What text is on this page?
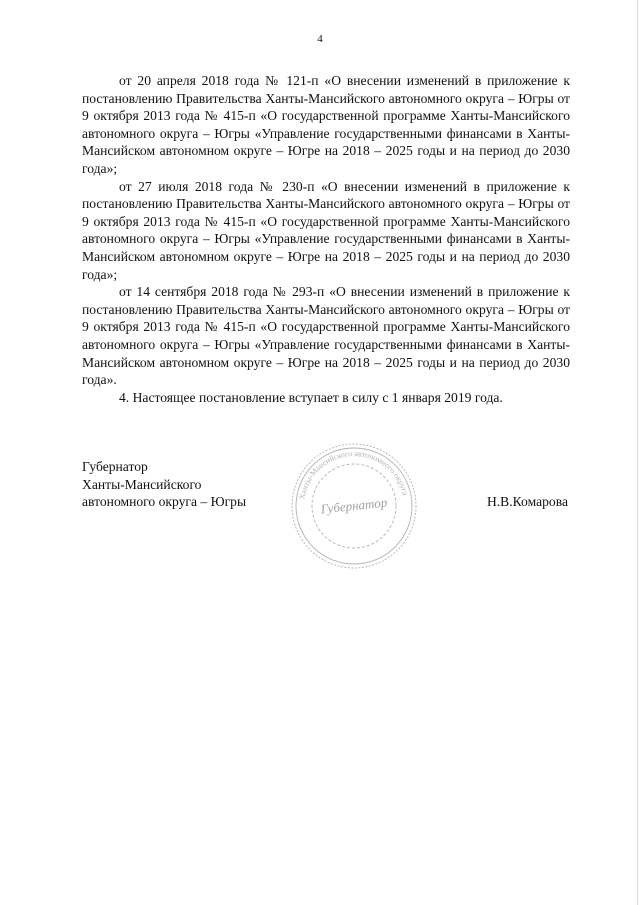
4

от 20 апреля 2018 года № 121-п «О внесении изменений в приложение к постановлению Правительства Ханты-Мансийского автономного округа – Югры от 9 октября 2013 года № 415-п «О государственной программе Ханты-Мансийского автономного округа – Югры «Управление государственными финансами в Ханты-Мансийском автономном округе – Югре на 2018 – 2025 годы и на период до 2030 года»;

от 27 июля 2018 года № 230-п «О внесении изменений в приложение к постановлению Правительства Ханты-Мансийского автономного округа – Югры от 9 октября 2013 года № 415-п «О государственной программе Ханты-Мансийского автономного округа – Югры «Управление государственными финансами в Ханты-Мансийском автономном округе – Югре на 2018 – 2025 годы и на период до 2030 года»;

от 14 сентября 2018 года № 293-п «О внесении изменений в приложение к постановлению Правительства Ханты-Мансийского автономного округа – Югры от 9 октября 2013 года № 415-п «О государственной программе Ханты-Мансийского автономного округа – Югры «Управление государственными финансами в Ханты-Мансийском автономном округе – Югре на 2018 – 2025 годы и на период до 2030 года».

4. Настоящее постановление вступает в силу с 1 января 2019 года.

Губернатор
Ханты-Мансийского
автономного округа – Югры	Н.В.Комарова
Ханты-Мансийского автономного округа
Губернатор
